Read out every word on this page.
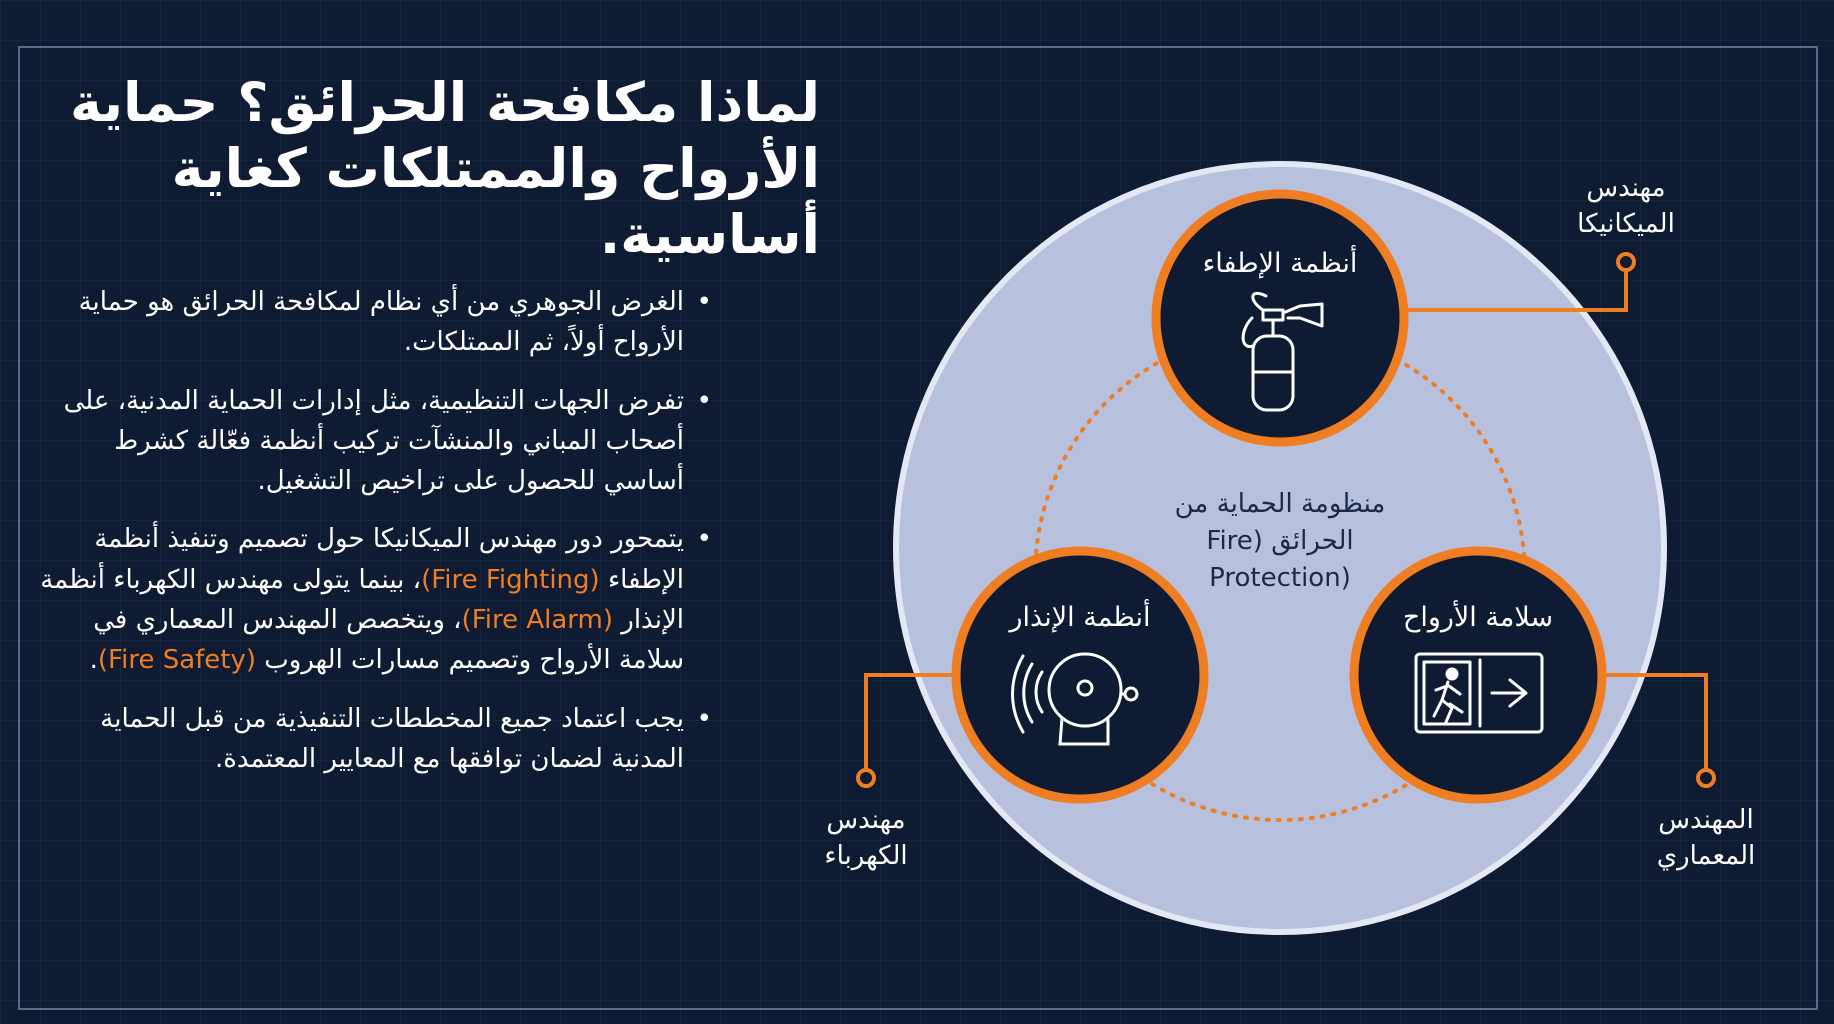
لماذا مكافحة الحرائق؟ حماية
الأرواح والممتلكات كغاية أساسية.
• الغرض الجوهري من أي نظام لمكافحة الحرائق هو حماية الأرواح أولاً، ثم الممتلكات.
• تفرض الجهات التنظيمية، مثل إدارات الحماية المدنية، على أصحاب المباني والمنشآت تركيب أنظمة فعّالة كشرط أساسي للحصول على تراخيص التشغيل.
• يتمحور دور مهندس الميكانيكا حول تصميم وتنفيذ أنظمة الإطفاء (Fire Fighting)، بينما يتولى مهندس الكهرباء أنظمة الإنذار (Fire Alarm)، ويتخصص المهندس المعماري في سلامة الأرواح وتصميم مسارات الهروب (Fire Safety).
• يجب اعتماد جميع المخططات التنفيذية من قبل الحماية المدنية لضمان توافقها مع المعايير المعتمدة.
منظومة الحماية من
الحرائق (Fire
Protection)
أنظمة الإطفاء
أنظمة الإنذار	سلامة الأرواح
مهندس
الميكانيكا
مهندس
الكهرباء
المهندس
المعماري
